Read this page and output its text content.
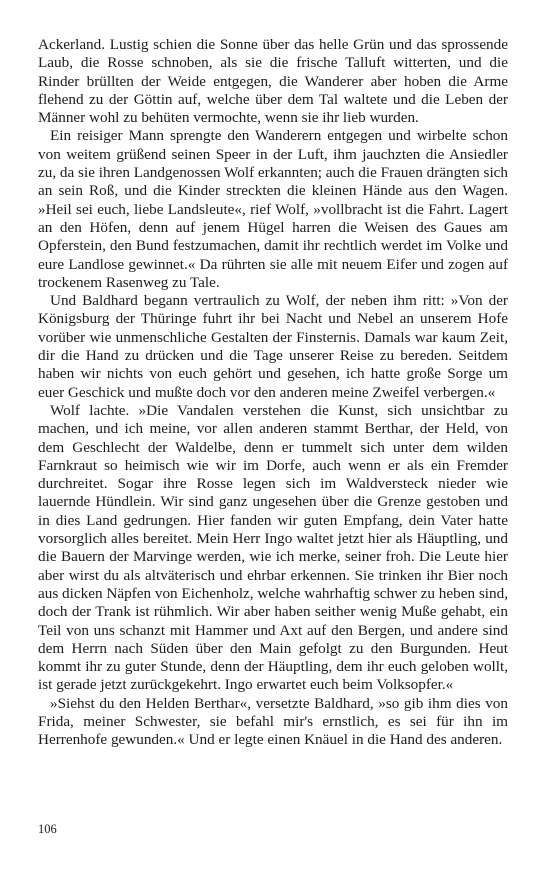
Ackerland. Lustig schien die Sonne über das helle Grün und das sprossende Laub, die Rosse schnoben, als sie die frische Talluft witterten, und die Rinder brüllten der Weide entgegen, die Wanderer aber hoben die Arme flehend zu der Göttin auf, welche über dem Tal waltete und die Leben der Männer wohl zu behüten vermochte, wenn sie ihr lieb wurden.

Ein reisiger Mann sprengte den Wanderern entgegen und wirbelte schon von weitem grüßend seinen Speer in der Luft, ihm jauchzten die Ansiedler zu, da sie ihren Landgenossen Wolf erkannten; auch die Frauen drängten sich an sein Roß, und die Kinder streckten die kleinen Hände aus den Wagen. »Heil sei euch, liebe Landsleute«, rief Wolf, »vollbracht ist die Fahrt. Lagert an den Höfen, denn auf jenem Hügel harren die Weisen des Gaues am Opferstein, den Bund festzumachen, damit ihr rechtlich werdet im Volke und eure Landlose gewinnet.« Da rührten sie alle mit neuem Eifer und zogen auf trockenem Rasenweg zu Tale.

Und Baldhard begann vertraulich zu Wolf, der neben ihm ritt: »Von der Königsburg der Thüringe fuhrt ihr bei Nacht und Nebel an unserem Hofe vorüber wie unmenschliche Gestalten der Finsternis. Damals war kaum Zeit, dir die Hand zu drücken und die Tage unserer Reise zu bereden. Seitdem haben wir nichts von euch gehört und gesehen, ich hatte große Sorge um euer Geschick und mußte doch vor den anderen meine Zweifel verbergen.«

Wolf lachte. »Die Vandalen verstehen die Kunst, sich unsichtbar zu machen, und ich meine, vor allen anderen stammt Berthar, der Held, von dem Geschlecht der Waldelbe, denn er tummelt sich unter dem wilden Farnkraut so heimisch wie wir im Dorfe, auch wenn er als ein Fremder durchreitet. Sogar ihre Rosse legen sich im Waldversteck nieder wie lauernde Hündlein. Wir sind ganz ungesehen über die Grenze gestoben und in dies Land gedrungen. Hier fanden wir guten Empfang, dein Vater hatte vorsorglich alles bereitet. Mein Herr Ingo waltet jetzt hier als Häuptling, und die Bauern der Marvinge werden, wie ich merke, seiner froh. Die Leute hier aber wirst du als altväterisch und ehrbar erkennen. Sie trinken ihr Bier noch aus dicken Näpfen von Eichenholz, welche wahrhaftig schwer zu heben sind, doch der Trank ist rühmlich. Wir aber haben seither wenig Muße gehabt, ein Teil von uns schanzt mit Hammer und Axt auf den Bergen, und andere sind dem Herrn nach Süden über den Main gefolgt zu den Burgunden. Heut kommt ihr zu guter Stunde, denn der Häuptling, dem ihr euch geloben wollt, ist gerade jetzt zurückgekehrt. Ingo erwartet euch beim Volksopfer.«

»Siehst du den Helden Berthar«, versetzte Baldhard, »so gib ihm dies von Frida, meiner Schwester, sie befahl mir's ernstlich, es sei für ihn im Herrenhofe gewunden.« Und er legte einen Knäuel in die Hand des anderen.

106
